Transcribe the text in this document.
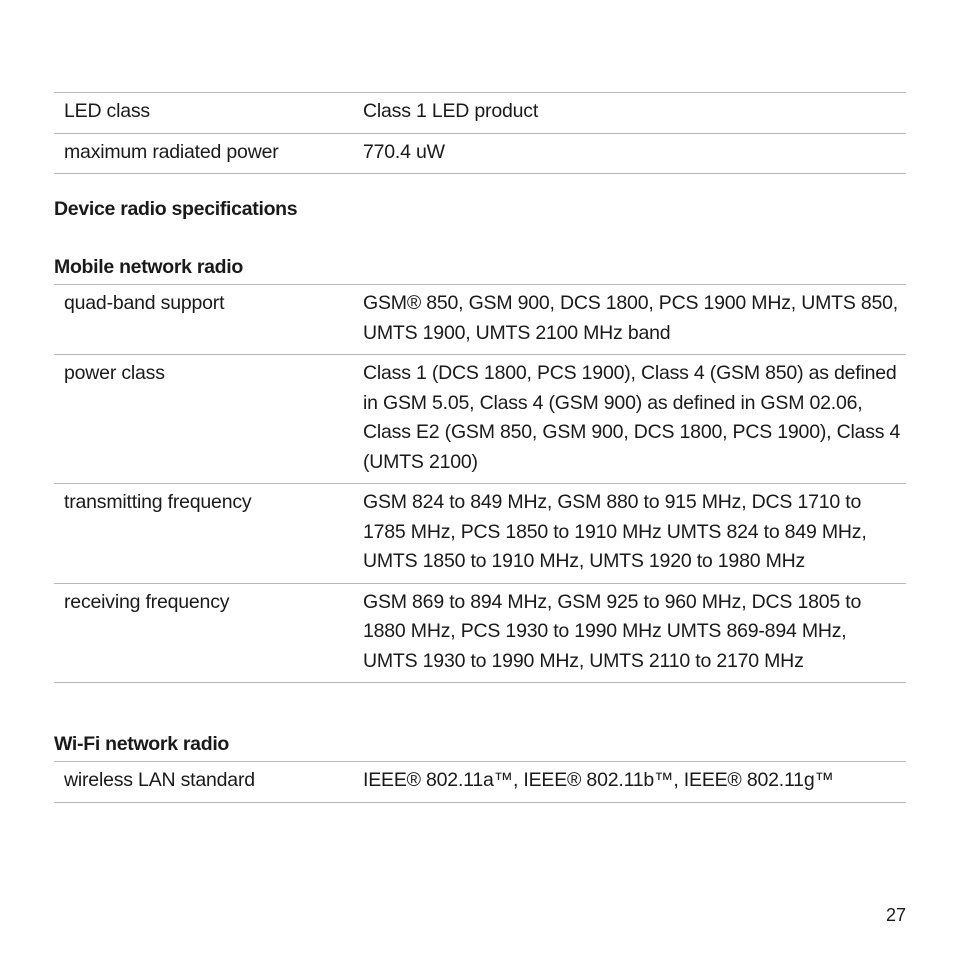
LED class	Class 1 LED product
maximum radiated power	770.4 uW
Device radio specifications
Mobile network radio
quad-band support	GSM® 850, GSM 900, DCS 1800, PCS 1900 MHz, UMTS 850, UMTS 1900, UMTS 2100 MHz band
power class	Class 1 (DCS 1800, PCS 1900), Class 4 (GSM 850) as defined in GSM 5.05, Class 4 (GSM 900) as defined in GSM 02.06, Class E2 (GSM 850, GSM 900, DCS 1800, PCS 1900), Class 4 (UMTS 2100)
transmitting frequency	GSM 824 to 849 MHz, GSM 880 to 915 MHz, DCS 1710 to 1785 MHz, PCS 1850 to 1910 MHz UMTS 824 to 849 MHz, UMTS 1850 to 1910 MHz, UMTS 1920 to 1980 MHz
receiving frequency	GSM 869 to 894 MHz, GSM 925 to 960 MHz, DCS 1805 to 1880 MHz, PCS 1930 to 1990 MHz UMTS 869-894 MHz, UMTS 1930 to 1990 MHz, UMTS 2110 to 2170 MHz
Wi-Fi network radio
wireless LAN standard	IEEE® 802.11a™, IEEE® 802.11b™, IEEE® 802.11g™
27
